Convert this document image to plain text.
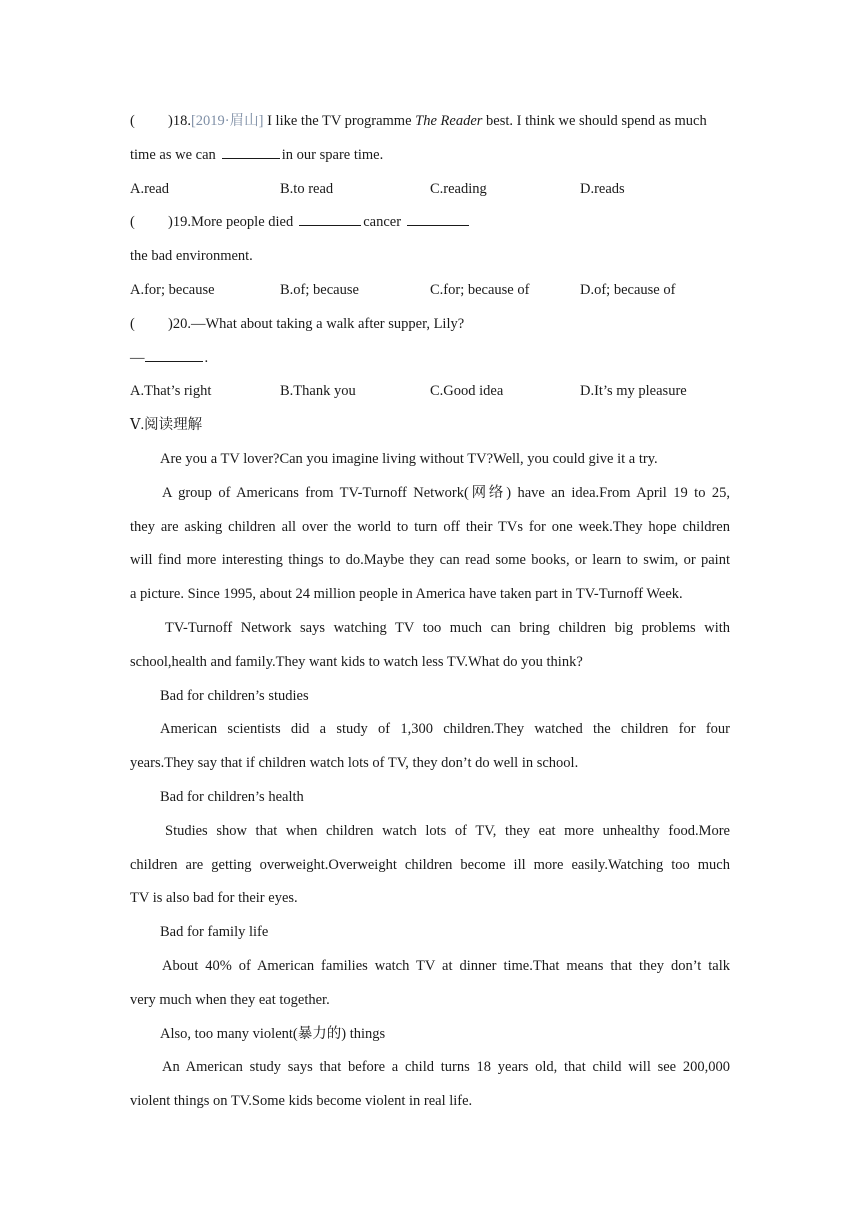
( )18.[2019·眉山] I like the TV programme The Reader best. I think we should spend as much
time as we can	in our spare time.
A.read	B.to read	C.reading	D.reads
( )19.More people died	cancer
the bad environment.
A.for; because	B.of; because	C.for; because of	D.of; because of
( )20.—What about taking a walk after supper, Lily?
—	.
A.That’s right	B.Thank you	C.Good idea	D.It’s my pleasure
Ⅴ.阅读理解
Are you a TV lover?Can you imagine living without TV?Well, you could give it a try.
A group of Americans from TV-Turnoff Network(网络) have an idea.From April 19 to 25,
they are asking children all over the world to turn off their TVs for one week.They hope children
will find more interesting things to do.Maybe they can read some books, or learn to swim, or paint
a picture. Since 1995, about 24 million people in America have taken part in TV-Turnoff Week.
TV-Turnoff Network says watching TV too much can bring children big problems with
school,health and family.They want kids to watch less TV.What do you think?
Bad for children’s studies
American scientists did a study of 1,300 children.They watched the children for four
years.They say that if children watch lots of TV, they don’t do well in school.
Bad for children’s health
Studies show that when children watch lots of TV, they eat more unhealthy food.More
children are getting overweight.Overweight children become ill more easily.Watching too much
TV is also bad for their eyes.
Bad for family life
About 40% of American families watch TV at dinner time.That means that they don’t talk
very much when they eat together.
Also, too many violent(暴力的) things
An American study says that before a child turns 18 years old, that child will see 200,000
violent things on TV.Some kids become violent in real life.
